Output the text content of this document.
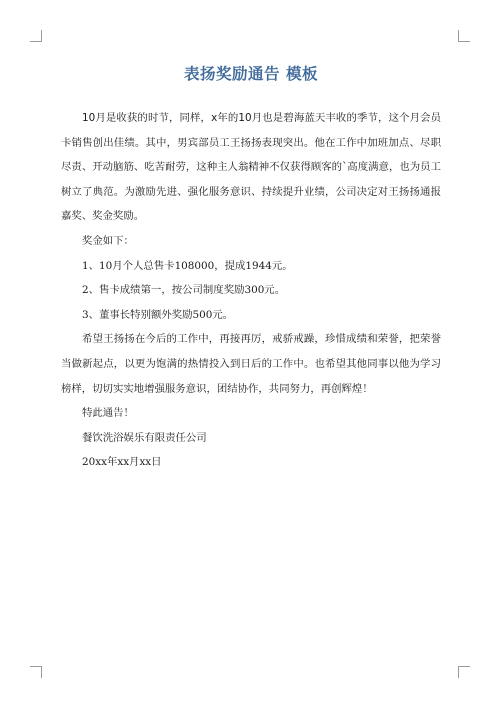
表扬奖励通告 模板

10月是收获的时节，同样，x年的10月也是碧海蓝天丰收的季节，这个月会员卡销售创出佳绩。其中，男宾部员工王扬扬表现突出。他在工作中加班加点、尽职尽责、开动脑筋、吃苦耐劳，这种主人翁精神不仅获得顾客的`高度满意，也为员工树立了典范。为激励先进、强化服务意识、持续提升业绩，公司决定对王扬扬通报嘉奖、奖金奖励。

奖金如下：

1、10月个人总售卡108000，提成1944元。

2、售卡成绩第一，按公司制度奖励300元。

3、董事长特别额外奖励500元。

希望王扬扬在今后的工作中，再接再厉，戒骄戒躁，珍惜成绩和荣誉，把荣誉当做新起点，以更为饱满的热情投入到日后的工作中。也希望其他同事以他为学习榜样，切切实实地增强服务意识，团结协作，共同努力，再创辉煌！

特此通告！

餐饮洗浴娱乐有限责任公司

20xx年xx月xx日
